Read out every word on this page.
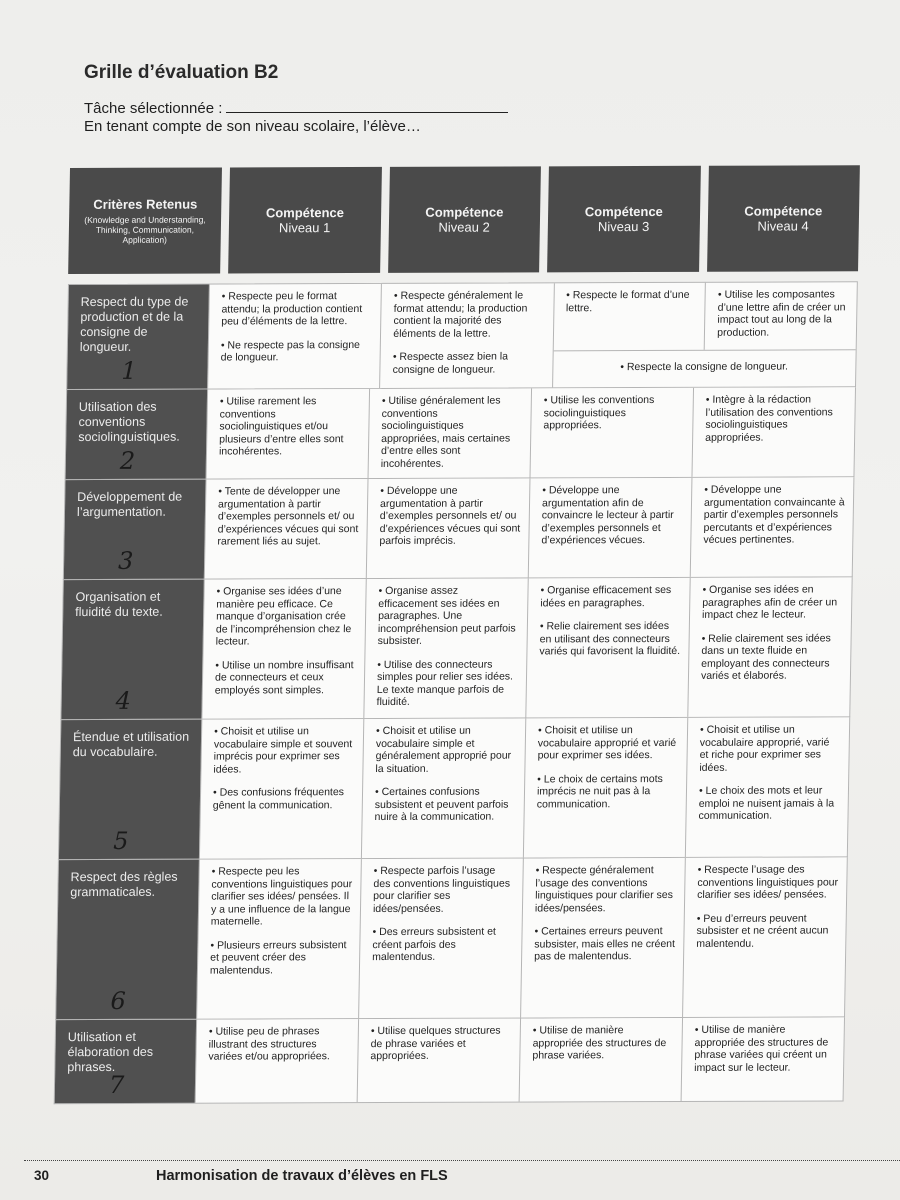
Grille d’évaluation B2
Tâche sélectionnée :
En tenant compte de son niveau scolaire, l’élève…
Critères Retenus
(Knowledge and Understanding, Thinking, Communication, Application)
Compétence
Niveau 1
Compétence
Niveau 2
Compétence
Niveau 3
Compétence
Niveau 4
Respect du type de production et de la consigne de longueur.
1

• Respecte peu le format attendu; la production contient peu d’éléments de la lettre.

• Ne respecte pas la consigne de longueur.

• Respecte généralement le format attendu; la production contient la majorité des éléments de la lettre.

• Respecte assez bien la consigne de longueur.

• Respecte le format d’une lettre.

• Utilise les composantes d’une lettre afin de créer un impact tout au long de la production.

• Respecte la consigne de longueur.
Utilisation des conventions sociolinguistiques.
2

• Utilise rarement les conventions sociolinguistiques et/ou plusieurs d’entre elles sont incohérentes.

• Utilise généralement les conventions sociolinguistiques appropriées, mais certaines d’entre elles sont incohérentes.

• Utilise les conventions sociolinguistiques appropriées.

• Intègre à la rédaction l’utilisation des conventions sociolinguistiques appropriées.

Développement de l’argumentation.
3

• Tente de développer une argumentation à partir d’exemples personnels et/ ou d’expériences vécues qui sont rarement liés au sujet.

• Développe une argumentation à partir d’exemples personnels et/ ou d’expériences vécues qui sont parfois imprécis.

• Développe une argumentation afin de convaincre le lecteur à partir d’exemples personnels et d’expériences vécues.

• Développe une argumentation convaincante à partir d’exemples personnels percutants et d’expériences vécues pertinentes.

Organisation et fluidité du texte.
4

• Organise ses idées d’une manière peu efficace. Ce manque d’organisation crée de l’incompréhension chez le lecteur.

• Utilise un nombre insuffisant de connecteurs et ceux employés sont simples.

• Organise assez efficacement ses idées en paragraphes. Une incompréhension peut parfois subsister.

• Utilise des connecteurs simples pour relier ses idées. Le texte manque parfois de fluidité.

• Organise efficacement ses idées en paragraphes.

• Relie clairement ses idées en utilisant des connecteurs variés qui favorisent la fluidité.

• Organise ses idées en paragraphes afin de créer un impact chez le lecteur.

• Relie clairement ses idées dans un texte fluide en employant des connecteurs variés et élaborés.

Étendue et utilisation du vocabulaire.
5

• Choisit et utilise un vocabulaire simple et souvent imprécis pour exprimer ses idées.

• Des confusions fréquentes gênent la communication.

• Choisit et utilise un vocabulaire simple et généralement approprié pour la situation.

• Certaines confusions subsistent et peuvent parfois nuire à la communication.

• Choisit et utilise un vocabulaire approprié et varié pour exprimer ses idées.

• Le choix de certains mots imprécis ne nuit pas à la communication.

• Choisit et utilise un vocabulaire approprié, varié et riche pour exprimer ses idées.

• Le choix des mots et leur emploi ne nuisent jamais à la communication.

Respect des règles grammaticales.
6

• Respecte peu les conventions linguistiques pour clarifier ses idées/ pensées. Il y a une influence de la langue maternelle.

• Plusieurs erreurs subsistent et peuvent créer des malentendus.

• Respecte parfois l’usage des conventions linguistiques pour clarifier ses idées/pensées.

• Des erreurs subsistent et créent parfois des malentendus.

• Respecte généralement l’usage des conventions linguistiques pour clarifier ses idées/pensées.

• Certaines erreurs peuvent subsister, mais elles ne créent pas de malentendus.

• Respecte l’usage des conventions linguistiques pour clarifier ses idées/ pensées.

• Peu d’erreurs peuvent subsister et ne créent aucun malentendu.

Utilisation et élaboration des phrases.
7

• Utilise peu de phrases illustrant des structures variées et/ou appropriées.

• Utilise quelques structures de phrase variées et appropriées.

• Utilise de manière appropriée des structures de phrase variées.

• Utilise de manière appropriée des structures de phrase variées qui créent un impact sur le lecteur.

30	Harmonisation de travaux d’élèves en FLS
